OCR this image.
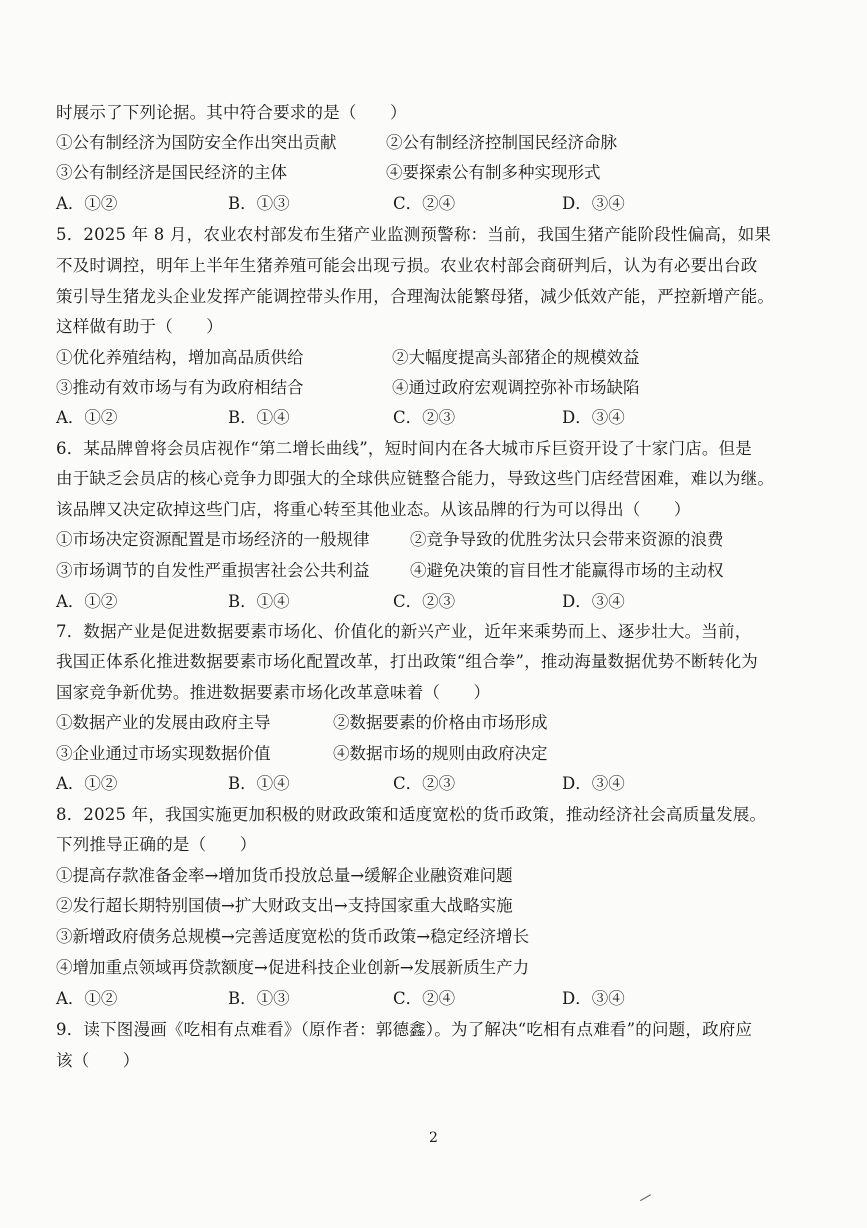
时展示了下列论据。其中符合要求的是（　　）
①公有制经济为国防安全作出突出贡献	②公有制经济控制国民经济命脉
③公有制经济是国民经济的主体	④要探索公有制多种实现形式
A．①②	B．①③	C．②④	D．③④
5．2025 年 8 月，农业农村部发布生猪产业监测预警称：当前，我国生猪产能阶段性偏高，如果
不及时调控，明年上半年生猪养殖可能会出现亏损。农业农村部会商研判后，认为有必要出台政
策引导生猪龙头企业发挥产能调控带头作用，合理淘汰能繁母猪，减少低效产能，严控新增产能。
这样做有助于（　　）
①优化养殖结构，增加高品质供给	②大幅度提高头部猪企的规模效益
③推动有效市场与有为政府相结合	④通过政府宏观调控弥补市场缺陷
A．①②	B．①④	C．②③	D．③④
6．某品牌曾将会员店视作“第二增长曲线”，短时间内在各大城市斥巨资开设了十家门店。但是
由于缺乏会员店的核心竞争力即强大的全球供应链整合能力，导致这些门店经营困难，难以为继。
该品牌又决定砍掉这些门店，将重心转至其他业态。从该品牌的行为可以得出（　　）
①市场决定资源配置是市场经济的一般规律 ②竞争导致的优胜劣汰只会带来资源的浪费
③市场调节的自发性严重损害社会公共利益 ④避免决策的盲目性才能赢得市场的主动权
A．①②	B．①④	C．②③	D．③④
7．数据产业是促进数据要素市场化、价值化的新兴产业，近年来乘势而上、逐步壮大。当前，
我国正体系化推进数据要素市场化配置改革，打出政策“组合拳”，推动海量数据优势不断转化为
国家竞争新优势。推进数据要素市场化改革意味着（　　）
①数据产业的发展由政府主导	②数据要素的价格由市场形成
③企业通过市场实现数据价值	④数据市场的规则由政府决定
A．①②	B．①④	C．②③	D．③④
8．2025 年，我国实施更加积极的财政政策和适度宽松的货币政策，推动经济社会高质量发展。
下列推导正确的是（　　）
①提高存款准备金率→增加货币投放总量→缓解企业融资难问题
②发行超长期特别国债→扩大财政支出→支持国家重大战略实施
③新增政府债务总规模→完善适度宽松的货币政策→稳定经济增长
④增加重点领域再贷款额度→促进科技企业创新→发展新质生产力
A．①②	B．①③	C．②④	D．③④
9．读下图漫画《吃相有点难看》（原作者：郭德鑫）。为了解决“吃相有点难看”的问题，政府应
该（　　）
2
